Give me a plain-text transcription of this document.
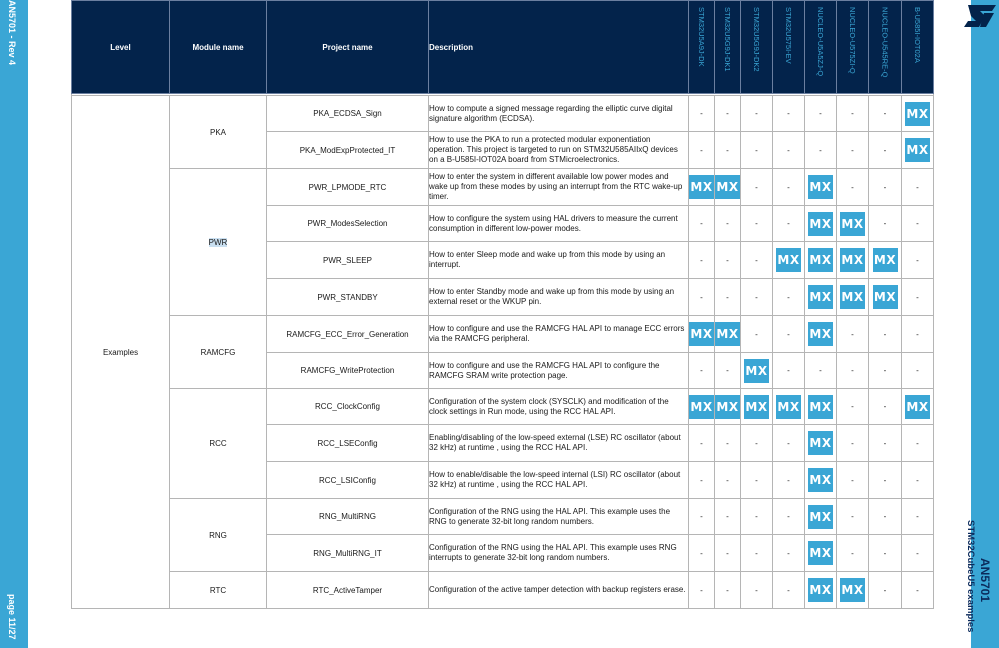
AN5701 - Rev 4
page 11/27
AN5701
STM32CubeU5 examples
Level	Module name	Project name	Description	STM32U5A9J-DK	STM32U5G9J-DK1	STM32U5G9J-DK2	STM32U575I-EV	NUCLEO-U5A5ZJ-Q	NUCLEO-U575ZI-Q	NUCLEO-U545RE-Q	B-U585I-IOT02A

Examples	PKA	PKA_ECDSA_Sign	How to compute a signed message regarding the elliptic curve digital signature algorithm (ECDSA).	-	-	-	-	-	-	-	MX
		PKA_ModExpProtected_IT	How to use the PKA to run a protected modular exponentiation operation. This project is targeted to run on STM32U585AIIxQ devices on a B-U585I-IOT02A board from STMicroelectronics.	-	-	-	-	-	-	-	MX
	PWR	PWR_LPMODE_RTC	How to enter the system in different available low power modes and wake up from these modes by using an interrupt from the RTC wake-up timer.	MX	MX	-	-	MX	-	-	-
		PWR_ModesSelection	How to configure the system using HAL drivers to measure the current consumption in different low-power modes.	-	-	-	-	MX	MX	-	-
		PWR_SLEEP	How to enter Sleep mode and wake up from this mode by using an interrupt.	-	-	-	MX	MX	MX	MX	-
		PWR_STANDBY	How to enter Standby mode and wake up from this mode by using an external reset or the WKUP pin.	-	-	-	-	MX	MX	MX	-
	RAMCFG	RAMCFG_ECC_Error_Generation	How to configure and use the RAMCFG HAL API to manage ECC errors via the RAMCFG peripheral.	MX	MX	-	-	MX	-	-	-
		RAMCFG_WriteProtection	How to configure and use the RAMCFG HAL API to configure the RAMCFG SRAM write protection page.	-	-	MX	-	-	-	-	-
	RCC	RCC_ClockConfig	Configuration of the system clock (SYSCLK) and modification of the clock settings in Run mode, using the RCC HAL API.	MX	MX	MX	MX	MX	-	-	MX
		RCC_LSEConfig	Enabling/disabling of the low-speed external (LSE) RC oscillator (about 32 kHz) at runtime , using the RCC HAL API.	-	-	-	-	MX	-	-	-
		RCC_LSIConfig	How to enable/disable the low-speed internal (LSI) RC oscillator (about 32 kHz) at runtime , using the RCC HAL API.	-	-	-	-	MX	-	-	-
	RNG	RNG_MultiRNG	Configuration of the RNG using the HAL API. This example uses the RNG to generate 32-bit long random numbers.	-	-	-	-	MX	-	-	-
		RNG_MultiRNG_IT	Configuration of the RNG using the HAL API. This example uses RNG interrupts to generate 32-bit long random numbers.	-	-	-	-	MX	-	-	-
	RTC	RTC_ActiveTamper	Configuration of the active tamper detection with backup registers erase.	-	-	-	-	MX	MX	-	-
